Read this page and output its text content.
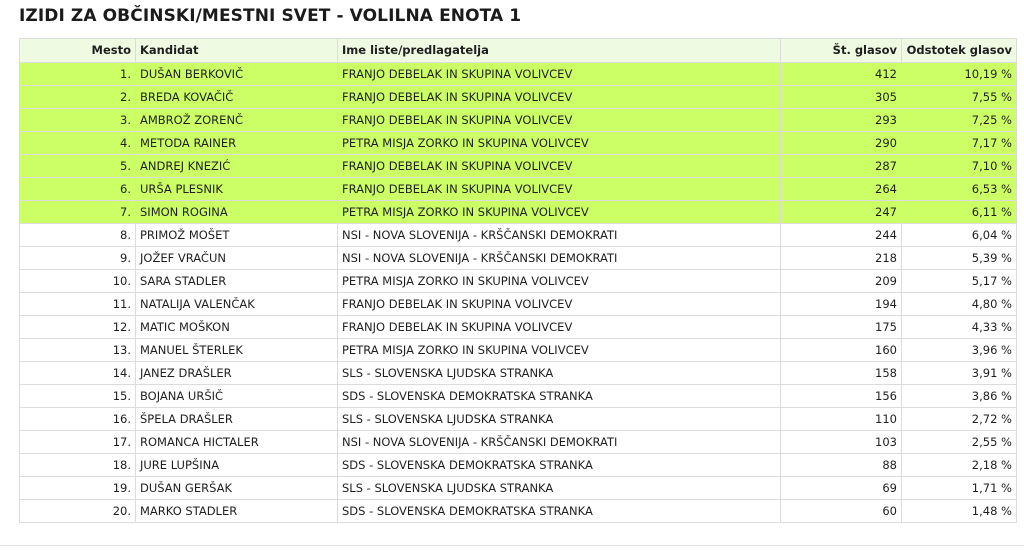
IZIDI ZA OBČINSKI/MESTNI SVET - VOLILNA ENOTA 1
Mesto	Kandidat	Ime liste/predlagatelja	Št. glasov	Odstotek glasov
1.	DUŠAN BERKOVIČ	FRANJO DEBELAK IN SKUPINA VOLIVCEV	412	10,19 %
2.	BREDA KOVAČIČ	FRANJO DEBELAK IN SKUPINA VOLIVCEV	305	7,55 %
3.	AMBROŽ ZORENČ	FRANJO DEBELAK IN SKUPINA VOLIVCEV	293	7,25 %
4.	METODA RAINER	PETRA MISJA ZORKO IN SKUPINA VOLIVCEV	290	7,17 %
5.	ANDREJ KNEZIĆ	FRANJO DEBELAK IN SKUPINA VOLIVCEV	287	7,10 %
6.	URŠA PLESNIK	FRANJO DEBELAK IN SKUPINA VOLIVCEV	264	6,53 %
7.	SIMON ROGINA	PETRA MISJA ZORKO IN SKUPINA VOLIVCEV	247	6,11 %
8.	PRIMOŽ MOŠET	NSI - NOVA SLOVENIJA - KRŠČANSKI DEMOKRATI	244	6,04 %
9.	JOŽEF VRAČUN	NSI - NOVA SLOVENIJA - KRŠČANSKI DEMOKRATI	218	5,39 %
10.	SARA STADLER	PETRA MISJA ZORKO IN SKUPINA VOLIVCEV	209	5,17 %
11.	NATALIJA VALENČAK	FRANJO DEBELAK IN SKUPINA VOLIVCEV	194	4,80 %
12.	MATIC MOŠKON	FRANJO DEBELAK IN SKUPINA VOLIVCEV	175	4,33 %
13.	MANUEL ŠTERLEK	PETRA MISJA ZORKO IN SKUPINA VOLIVCEV	160	3,96 %
14.	JANEZ DRAŠLER	SLS - SLOVENSKA LJUDSKA STRANKA	158	3,91 %
15.	BOJANA URŠIČ	SDS - SLOVENSKA DEMOKRATSKA STRANKA	156	3,86 %
16.	ŠPELA DRAŠLER	SLS - SLOVENSKA LJUDSKA STRANKA	110	2,72 %
17.	ROMANCA HICTALER	NSI - NOVA SLOVENIJA - KRŠČANSKI DEMOKRATI	103	2,55 %
18.	JURE LUPŠINA	SDS - SLOVENSKA DEMOKRATSKA STRANKA	88	2,18 %
19.	DUŠAN GERŠAK	SLS - SLOVENSKA LJUDSKA STRANKA	69	1,71 %
20.	MARKO STADLER	SDS - SLOVENSKA DEMOKRATSKA STRANKA	60	1,48 %
